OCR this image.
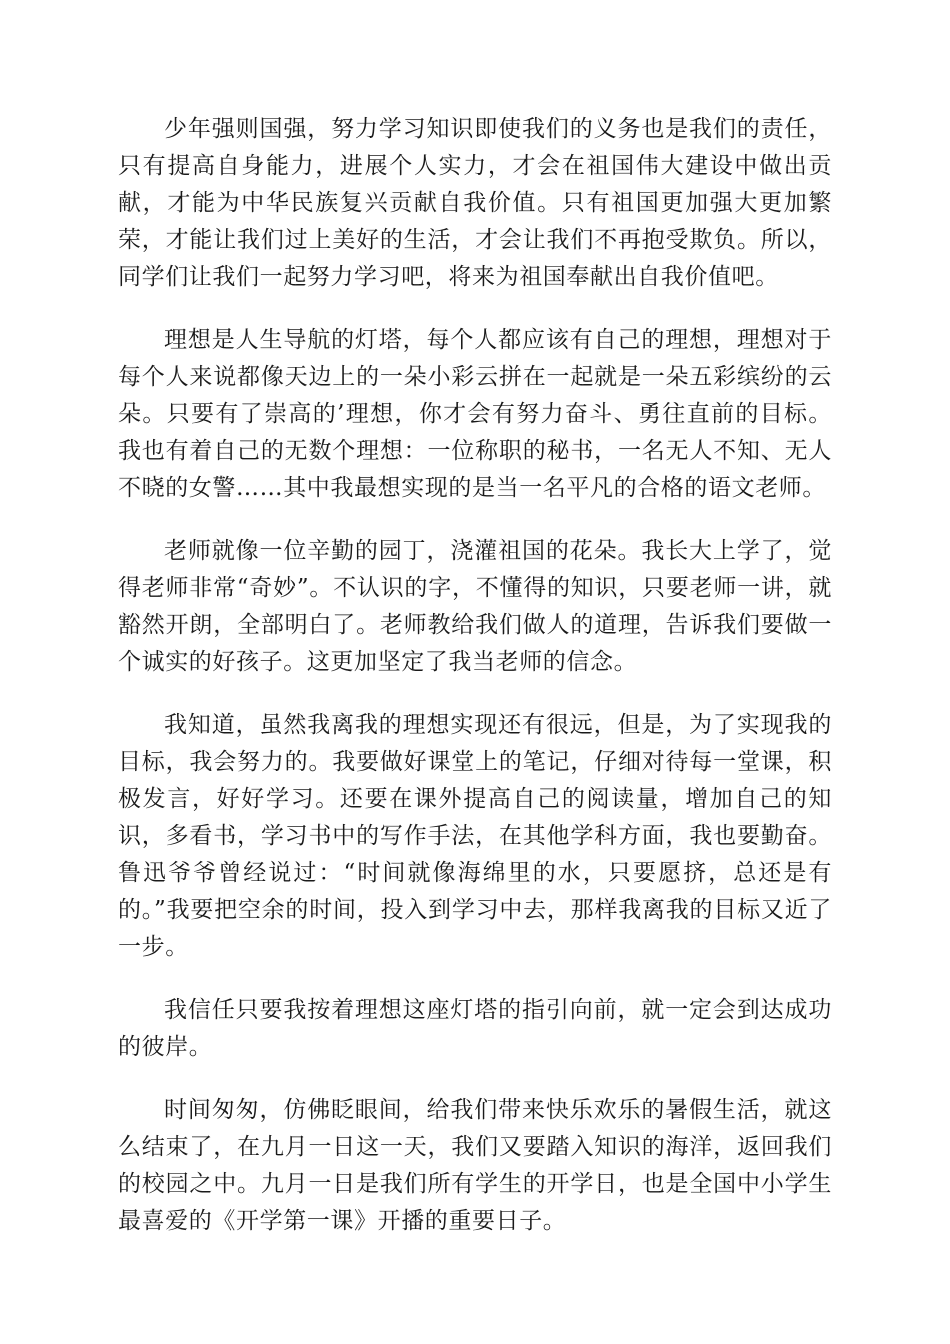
少年强则国强，努力学习知识即使我们的义务也是我们的责任，只有提高自身能力，进展个人实力，才会在祖国伟大建设中做出贡献，才能为中华民族复兴贡献自我价值。只有祖国更加强大更加繁荣，才能让我们过上美好的生活，才会让我们不再抱受欺负。所以，同学们让我们一起努力学习吧，将来为祖国奉献出自我价值吧。

理想是人生导航的灯塔，每个人都应该有自己的理想，理想对于每个人来说都像天边上的一朵小彩云拼在一起就是一朵五彩缤纷的云朵。只要有了崇高的’理想，你才会有努力奋斗、勇往直前的目标。我也有着自己的无数个理想：一位称职的秘书，一名无人不知、无人不晓的女警……其中我最想实现的是当一名平凡的合格的语文老师。

老师就像一位辛勤的园丁，浇灌祖国的花朵。我长大上学了，觉得老师非常“奇妙”。不认识的字，不懂得的知识，只要老师一讲，就豁然开朗，全部明白了。老师教给我们做人的道理，告诉我们要做一个诚实的好孩子。这更加坚定了我当老师的信念。

我知道，虽然我离我的理想实现还有很远，但是，为了实现我的目标，我会努力的。我要做好课堂上的笔记，仔细对待每一堂课，积极发言，好好学习。还要在课外提高自己的阅读量，增加自己的知识，多看书，学习书中的写作手法，在其他学科方面，我也要勤奋。鲁迅爷爷曾经说过：“时间就像海绵里的水，只要愿挤，总还是有的。”我要把空余的时间，投入到学习中去，那样我离我的目标又近了一步。

我信任只要我按着理想这座灯塔的指引向前，就一定会到达成功的彼岸。

时间匆匆，仿佛眨眼间，给我们带来快乐欢乐的暑假生活，就这么结束了，在九月一日这一天，我们又要踏入知识的海洋，返回我们的校园之中。九月一日是我们所有学生的开学日，也是全国中小学生最喜爱的《开学第一课》开播的重要日子。
